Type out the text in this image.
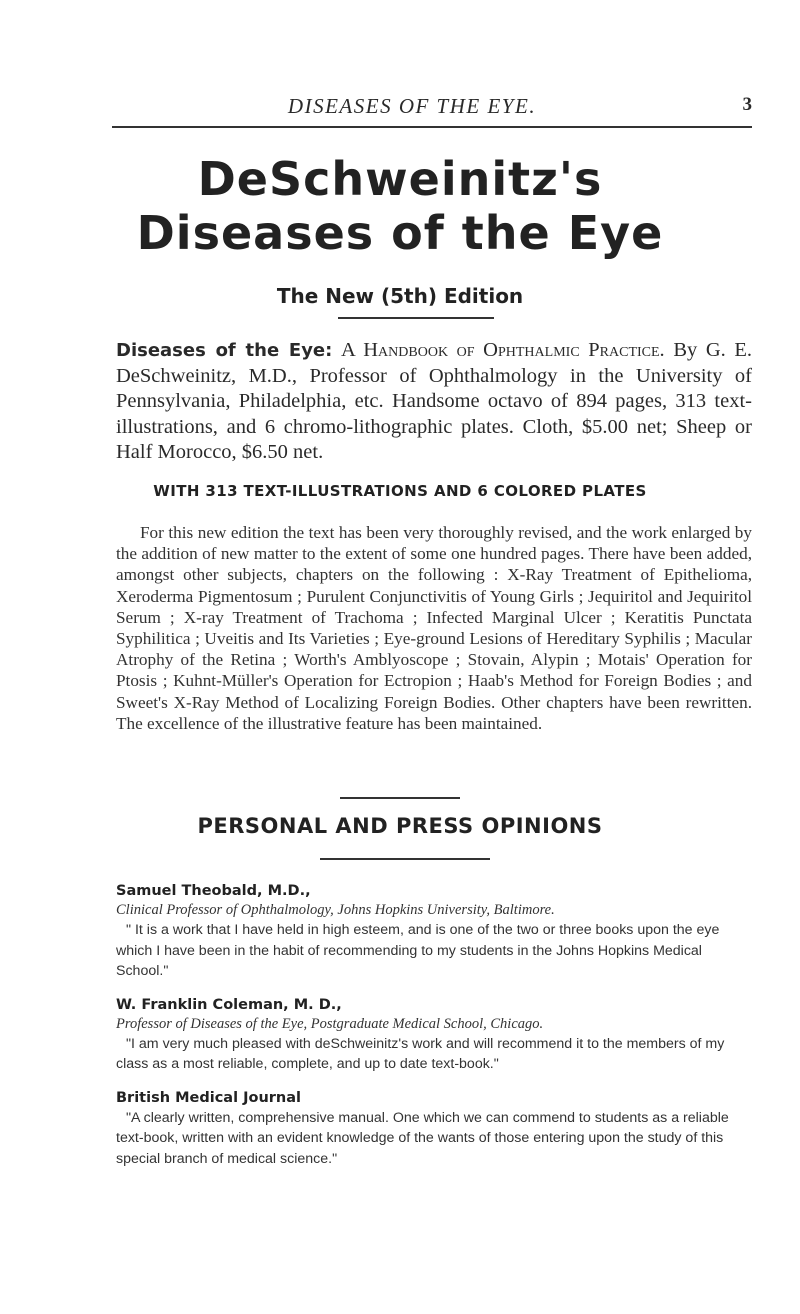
DISEASES OF THE EYE.	3
DeSchweinitz's
Diseases of the Eye
The New (5th) Edition
Diseases of the Eye: A Handbook of Ophthalmic Practice. By G. E. DeSchweinitz, M.D., Professor of Ophthalmology in the University of Pennsylvania, Philadelphia, etc. Handsome octavo of 894 pages, 313 text-illustrations, and 6 chromo-lithographic plates. Cloth, $5.00 net; Sheep or Half Morocco, $6.50 net.
WITH 313 TEXT-ILLUSTRATIONS AND 6 COLORED PLATES
For this new edition the text has been very thoroughly revised, and the work enlarged by the addition of new matter to the extent of some one hundred pages. There have been added, amongst other subjects, chapters on the following : X-Ray Treatment of Epithelioma, Xeroderma Pigmentosum ; Purulent Conjunctivitis of Young Girls ; Jequiritol and Jequiritol Serum ; X-ray Treatment of Trachoma ; Infected Marginal Ulcer ; Keratitis Punctata Syphilitica ; Uveitis and Its Varieties ; Eye-ground Lesions of Hereditary Syphilis ; Macular Atrophy of the Retina ; Worth's Amblyoscope ; Stovain, Alypin ; Motais' Operation for Ptosis ; Kuhnt-Müller's Operation for Ectropion ; Haab's Method for Foreign Bodies ; and Sweet's X-Ray Method of Localizing Foreign Bodies. Other chapters have been rewritten. The excellence of the illustrative feature has been maintained.
PERSONAL AND PRESS OPINIONS
Samuel Theobald, M.D.,
Clinical Professor of Ophthalmology, Johns Hopkins University, Baltimore.
" It is a work that I have held in high esteem, and is one of the two or three books upon the eye which I have been in the habit of recommending to my students in the Johns Hopkins Medical School."
W. Franklin Coleman, M. D.,
Professor of Diseases of the Eye, Postgraduate Medical School, Chicago.
"I am very much pleased with deSchweinitz's work and will recommend it to the members of my class as a most reliable, complete, and up to date text-book."
British Medical Journal
"A clearly written, comprehensive manual. One which we can commend to students as a reliable text-book, written with an evident knowledge of the wants of those entering upon the study of this special branch of medical science."
